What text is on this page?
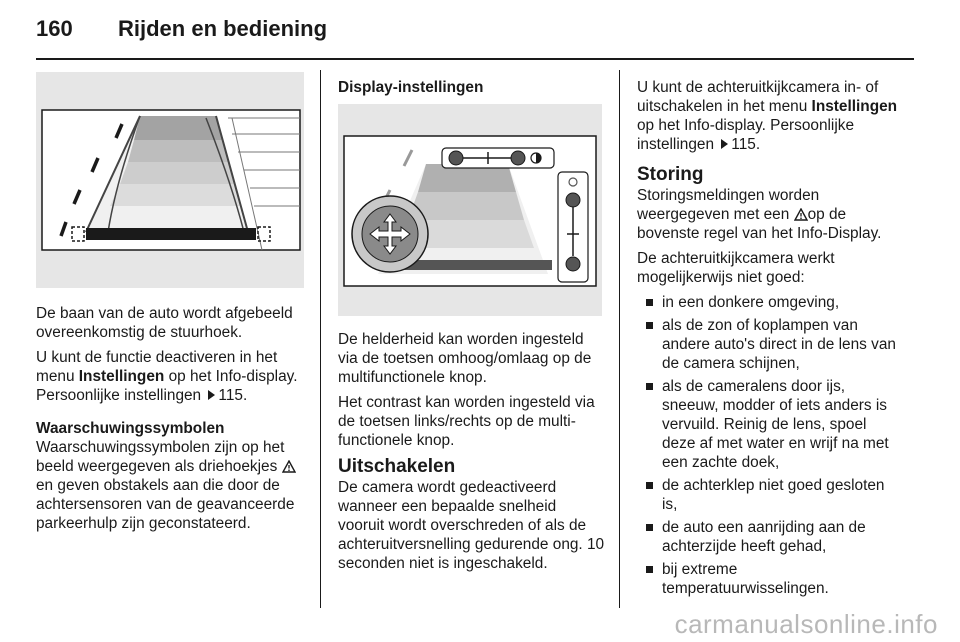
160 Rijden en bediening

De baan van de auto wordt afgebeeld overeenkomstig de stuurhoek.

U kunt de functie deactiveren in het menu Instellingen op het Info-display. Persoonlijke instellingen 115.

Waarschuwingssymbolen

Waarschuwingssymbolen zijn op het beeld weergegeven als driehoekjes en geven obstakels aan die door de achtersensoren van de geavanceerde parkeerhulp zijn geconstateerd.

Display-instellingen

De helderheid kan worden ingesteld via de toetsen omhoog/omlaag op de multifunctionele knop.

Het contrast kan worden ingesteld via de toetsen links/rechts op de multi-functionele knop.

Uitschakelen

De camera wordt gedeactiveerd wanneer een bepaalde snelheid vooruit wordt overschreden of als de achteruitversnelling gedurende ong. 10 seconden niet is ingeschakeld.

U kunt de achteruitkijkcamera in- of uitschakelen in het menu Instellingen op het Info-display. Persoonlijke instellingen 115.

Storing

Storingsmeldingen worden weergegeven met een op de bovenste regel van het Info-Display.

De achteruitkijkcamera werkt mogelijkerwijs niet goed:

in een donkere omgeving,
als de zon of koplampen van andere auto's direct in de lens van de camera schijnen,
als de cameralens door ijs, sneeuw, modder of iets anders is vervuild. Reinig de lens, spoel deze af met water en wrijf na met een zachte doek,
de achterklep niet goed gesloten is,
de auto een aanrijding aan de achterzijde heeft gehad,
bij extreme temperatuurwisselingen.
carmanualsonline.info
